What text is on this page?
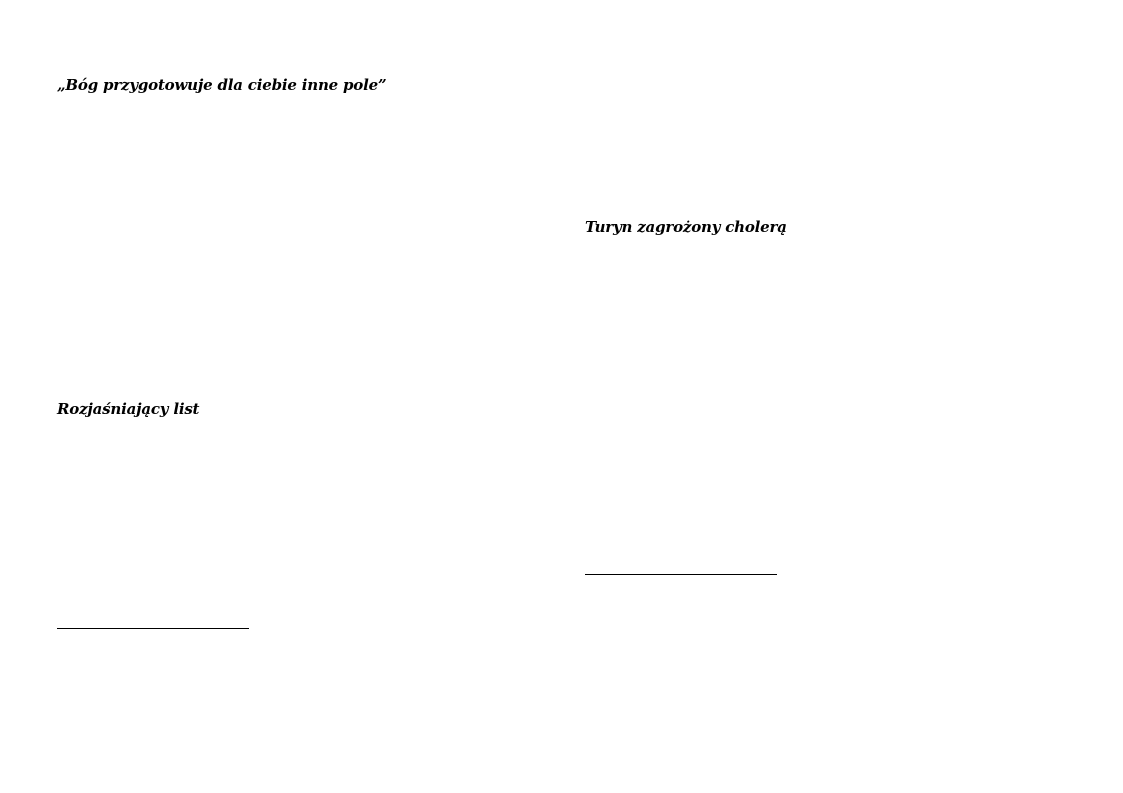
„Bóg przygotowuje dla ciebie inne pole”
Rozjaśniający list
Turyn zagrożony cholerą
